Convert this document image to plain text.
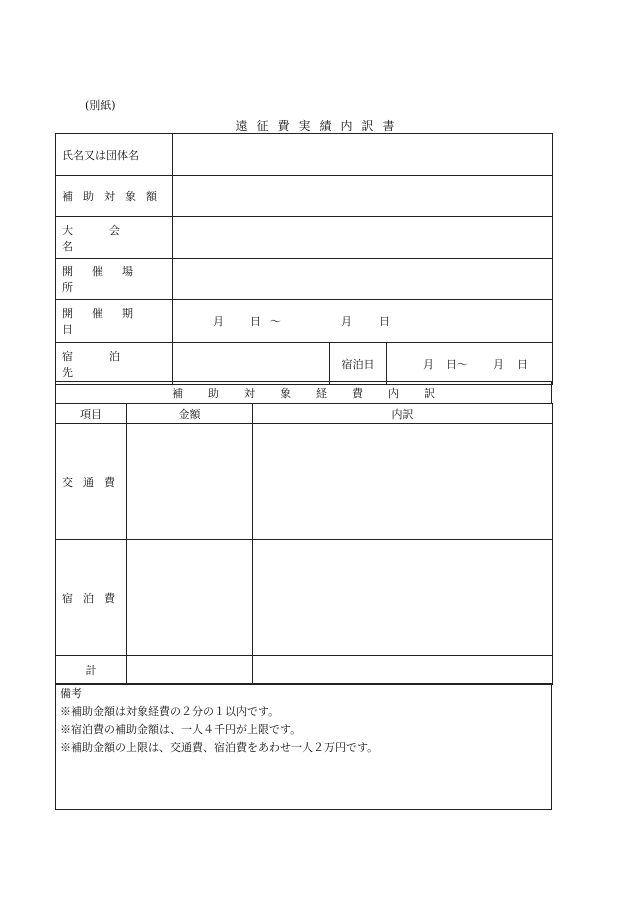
(別紙)
遠征費実績内訳書
氏名又は団体名			

補助対象額			

大会名			

開催場所			

開催期日	月 日 〜 月 日		

宿泊先		宿泊日	月 日〜 月 日
補助対象経費内訳
項目	金額	内訳

交通費		

宿泊費		

計		
備考
※補助金額は対象経費の２分の１以内です。
※宿泊費の補助金額は、一人４千円が上限です。
※補助金額の上限は、交通費、宿泊費をあわせ一人２万円です。
